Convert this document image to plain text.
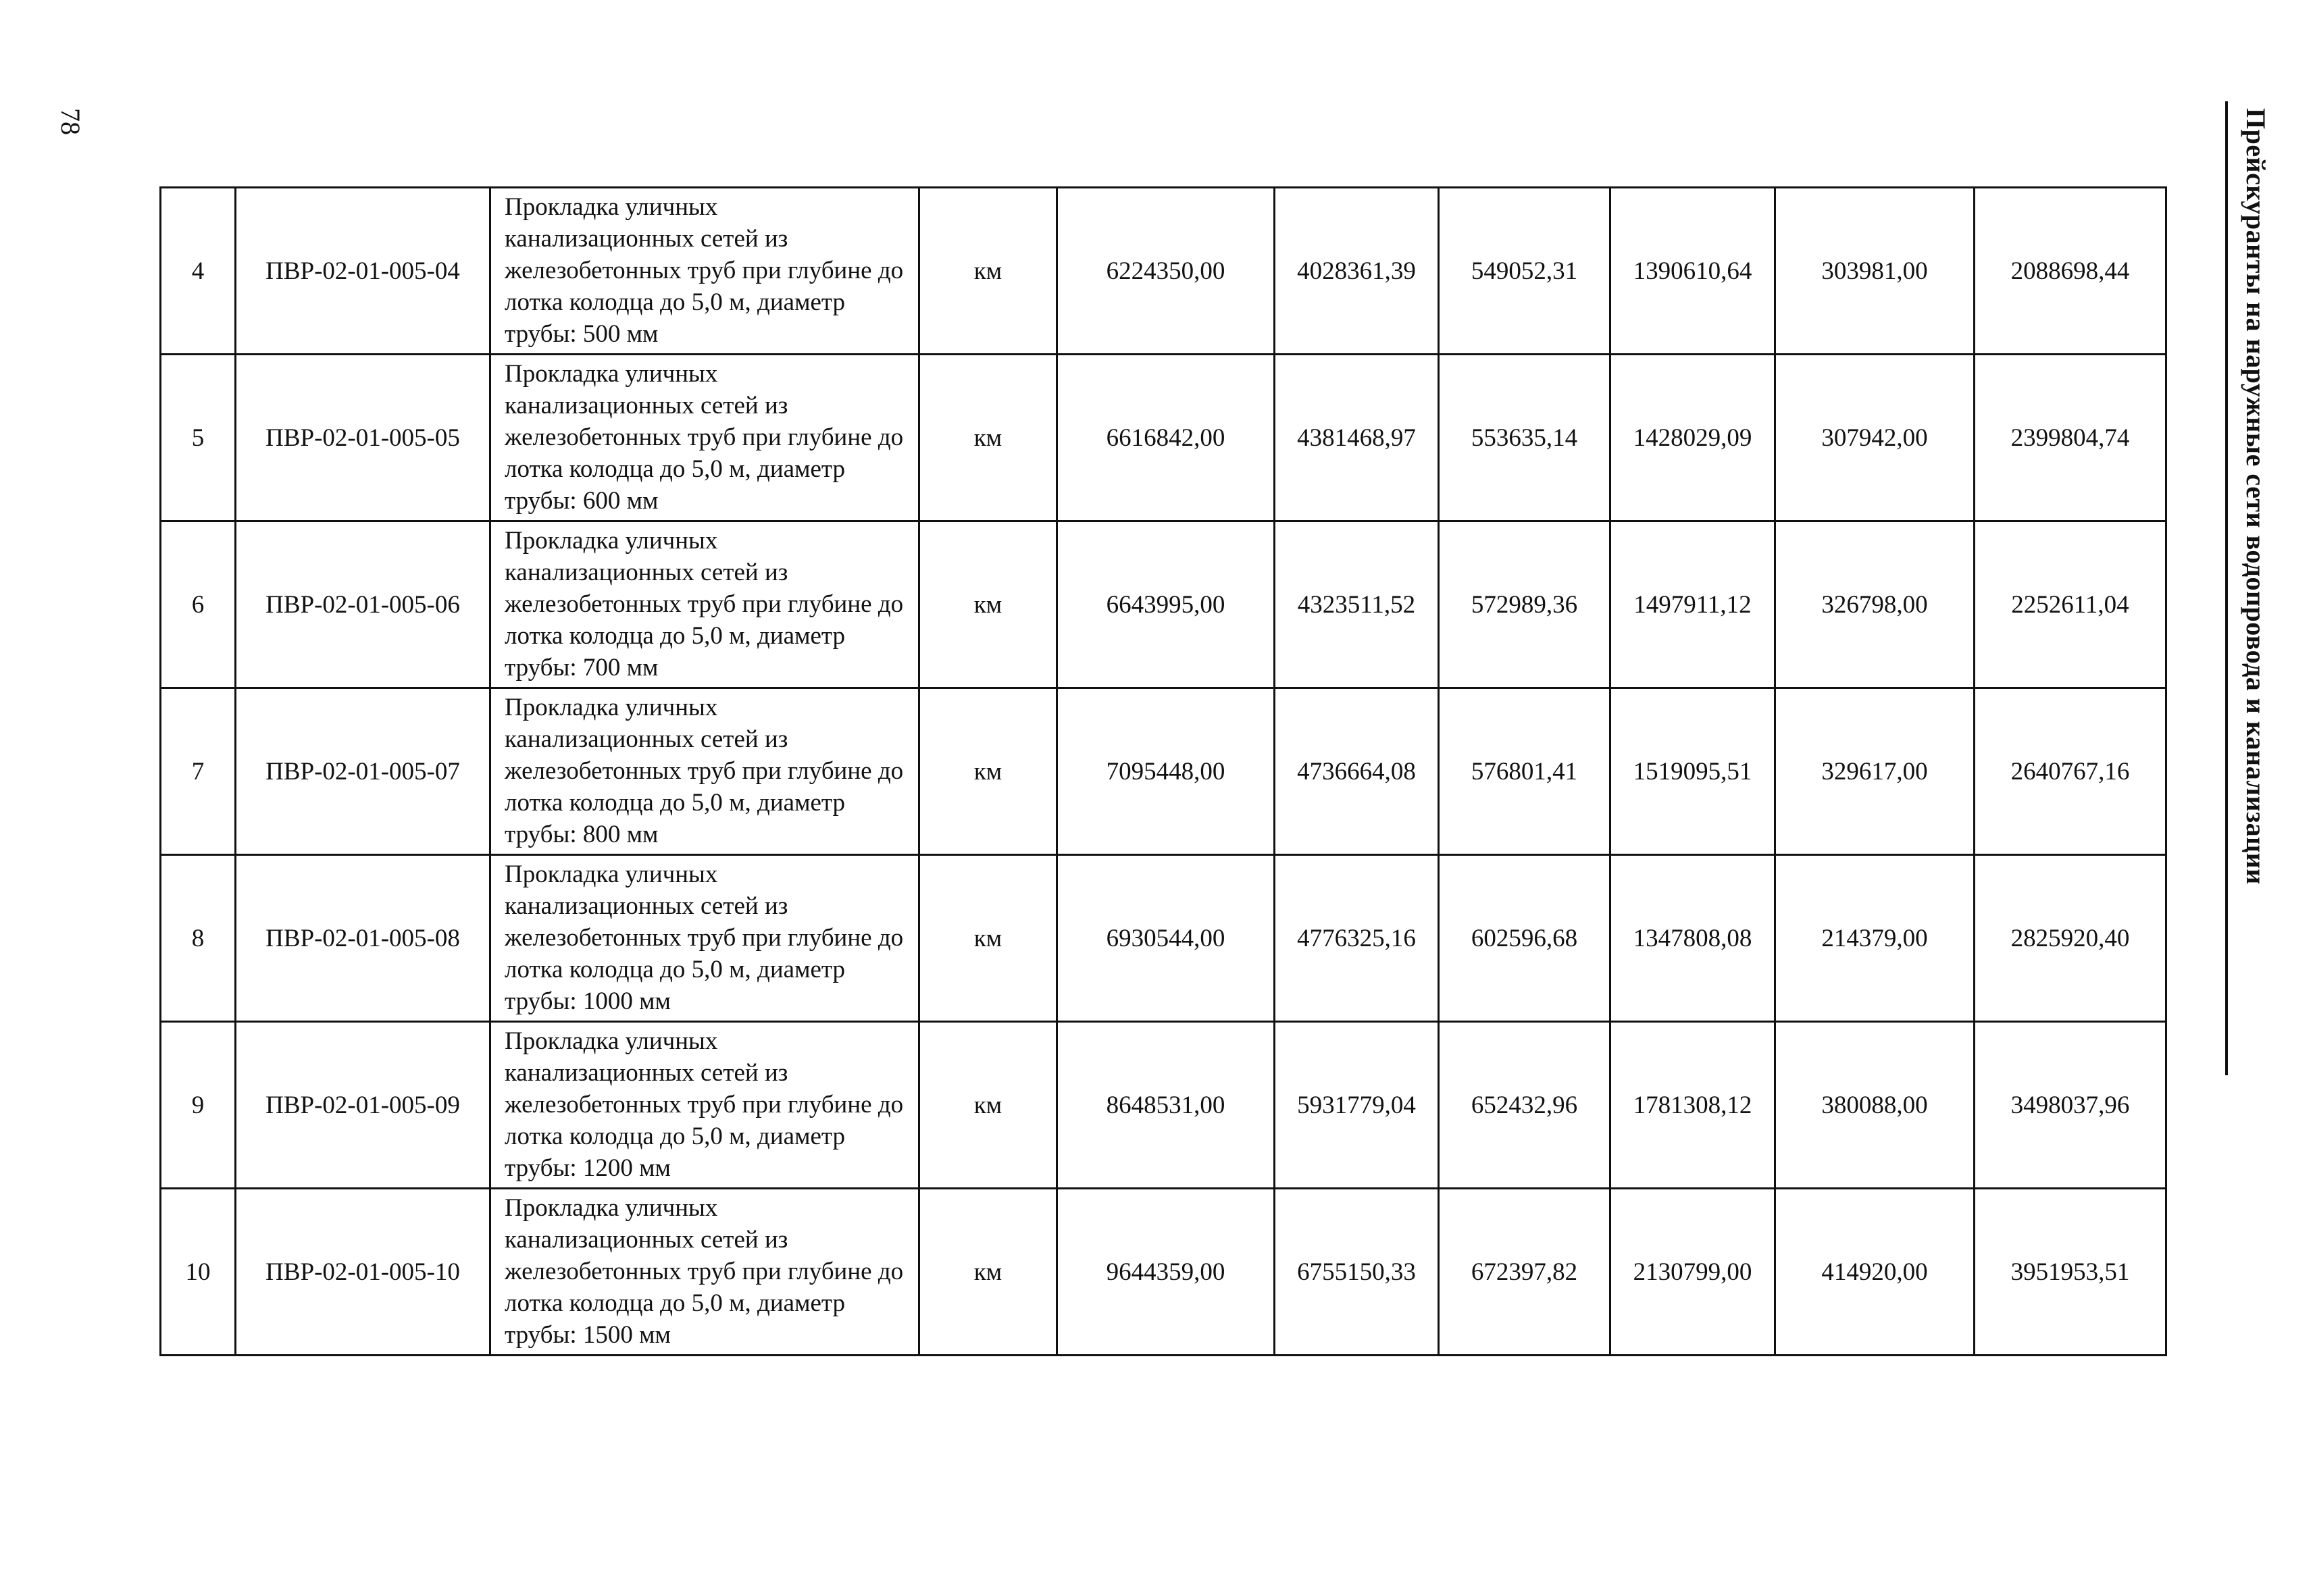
78	Прейскуранты на наружные сети водопровода и канализации
4	ПВР-02-01-005-04	Прокладка уличных канализационных сетей из железобетонных труб при глубине до лотка колодца до 5,0 м, диаметр трубы: 500 мм	км	6224350,00	4028361,39	549052,31	1390610,64	303981,00	2088698,44
5	ПВР-02-01-005-05	Прокладка уличных канализационных сетей из железобетонных труб при глубине до лотка колодца до 5,0 м, диаметр трубы: 600 мм	км	6616842,00	4381468,97	553635,14	1428029,09	307942,00	2399804,74
6	ПВР-02-01-005-06	Прокладка уличных канализационных сетей из железобетонных труб при глубине до лотка колодца до 5,0 м, диаметр трубы: 700 мм	км	6643995,00	4323511,52	572989,36	1497911,12	326798,00	2252611,04
7	ПВР-02-01-005-07	Прокладка уличных канализационных сетей из железобетонных труб при глубине до лотка колодца до 5,0 м, диаметр трубы: 800 мм	км	7095448,00	4736664,08	576801,41	1519095,51	329617,00	2640767,16
8	ПВР-02-01-005-08	Прокладка уличных канализационных сетей из железобетонных труб при глубине до лотка колодца до 5,0 м, диаметр трубы: 1000 мм	км	6930544,00	4776325,16	602596,68	1347808,08	214379,00	2825920,40
9	ПВР-02-01-005-09	Прокладка уличных канализационных сетей из железобетонных труб при глубине до лотка колодца до 5,0 м, диаметр трубы: 1200 мм	км	8648531,00	5931779,04	652432,96	1781308,12	380088,00	3498037,96
10	ПВР-02-01-005-10	Прокладка уличных канализационных сетей из железобетонных труб при глубине до лотка колодца до 5,0 м, диаметр трубы: 1500 мм	км	9644359,00	6755150,33	672397,82	2130799,00	414920,00	3951953,51
